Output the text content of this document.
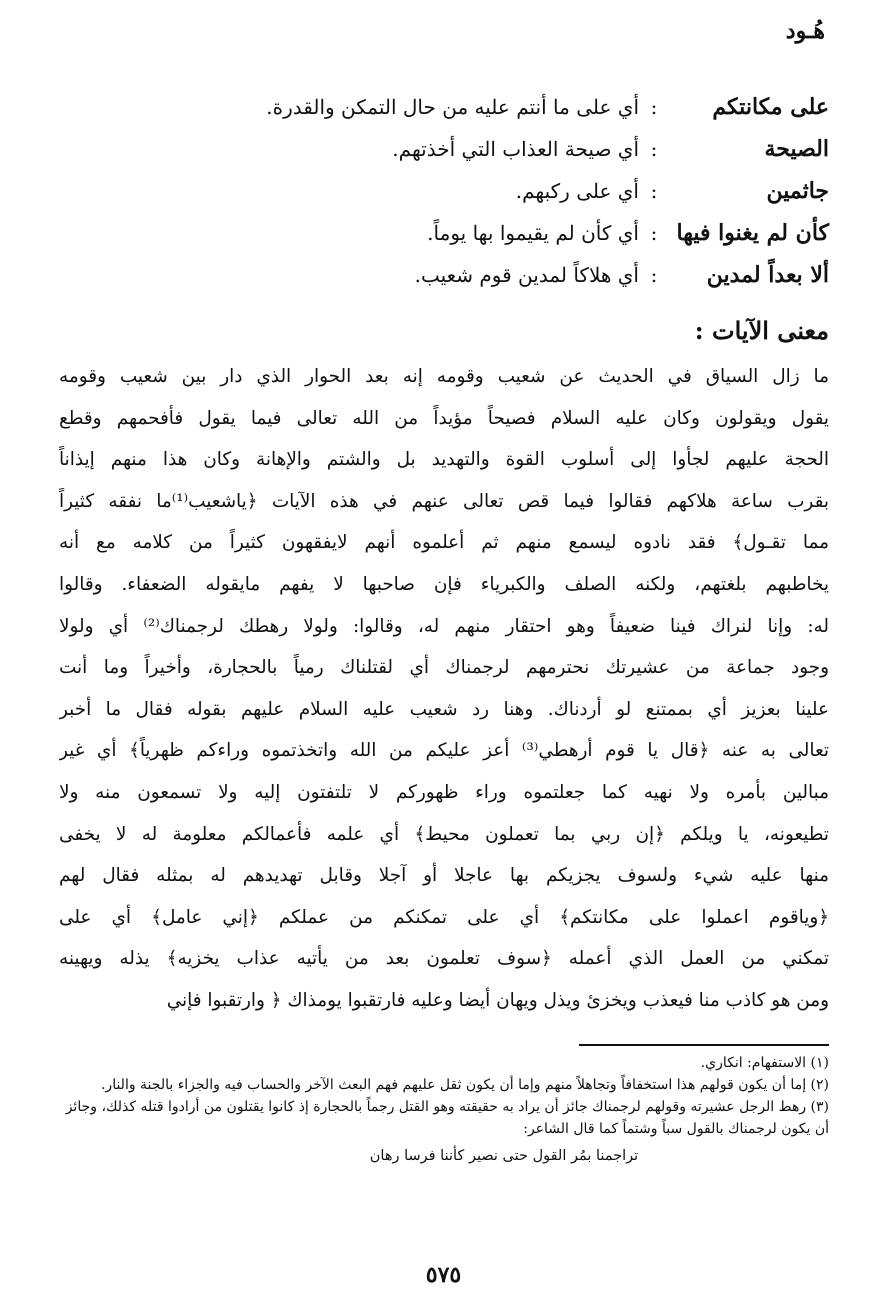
هُـود
على مكانتكم
:
أي على ما أنتم عليه من حال التمكن والقدرة.
الصيحة
:
أي صيحة العذاب التي أخذتهم.
جاثمين
:
أي على ركبهم.
كأن لم يغنوا فيها
:
أي كأن لم يقيموا بها يوماً.
ألا بعداً لمدين
:
أي هلاكاً لمدين قوم شعيب.
معنى الآيات :
ما زال السياق في الحديث عن شعيب وقومه إنه بعد الحوار الذي دار بين شعيب وقومه
يقول ويقولون وكان عليه السلام فصيحاً مؤيداً من الله تعالى فيما يقول فأفحمهم وقطع
الحجة عليهم لجأوا إلى أسلوب القوة والتهديد بل والشتم والإهانة وكان هذا منهم إيذاناً
بقرب ساعة هلاكهم فقالوا فيما قص تعالى عنهم في هذه الآيات ﴿ياشعيب⁽¹⁾ما نفقه كثيراً
مما تقـول﴾ فقد نادوه ليسمع منهم ثم أعلموه أنهم لايفقهون كثيراً من كلامه مع أنه
يخاطبهم بلغتهم، ولكنه الصلف والكبرياء فإن صاحبها لا يفهم مايقوله الضعفاء. وقالوا
له: وإنا لنراك فينا ضعيفاً وهو احتقار منهم له، وقالوا: ولولا رهطك لرجمناك⁽²⁾ أي ولولا
وجود جماعة من عشيرتك نحترمهم لرجمناك أي لقتلناك رمياً بالحجارة، وأخيراً وما أنت
علينا بعزيز أي بممتنع لو أردناك. وهنا رد شعيب عليه السلام عليهم بقوله فقال ما أخبر
تعالى به عنه ﴿قال يا قوم أرهطي⁽³⁾ أعز عليكم من الله واتخذتموه وراءكم ظهرياً﴾ أي غير
مبالين بأمره ولا نهيه كما جعلتموه وراء ظهوركم لا تلتفتون إليه ولا تسمعون منه ولا
تطيعونه، يا ويلكم ﴿إن ربي بما تعملون محيط﴾ أي علمه فأعمالكم معلومة له لا يخفى
منها عليه شيء ولسوف يجزيكم بها عاجلا أو آجلا وقابل تهديدهم له بمثله فقال لهم
﴿وياقوم اعملوا على مكانتكم﴾ أي على تمكنكم من عملكم ﴿إني عامل﴾ أي على
تمكني من العمل الذي أعمله ﴿سوف تعلمون بعد من يأتيه عذاب يخزيه﴾ يذله ويهينه
ومن هو كاذب منا فيعذب ويخزئ ويذل ويهان أيضا وعليه فارتقبوا يومذاك ﴿ وارتقبوا فإني
(١) الاستفهام: انكاري.
(٢) إما أن يكون قولهم هذا استخفافاً وتجاهلاً منهم وإما أن يكون ثقل عليهم فهم البعث الآخر والحساب فيه والجزاء بالجنة والنار.
(٣) رهط الرجل عشيرته وقولهم لرجمناك جائز أن يراد به حقيقته وهو القتل رجماً بالحجارة إذ كانوا يقتلون من أرادوا قتله كذلك، وجائز أن يكون لرجمناك بالقول سباً وشتماً كما قال الشاعر:
تراجمنا بمُر القول حتى نصير كأننا فرسا رهان
٥٧٥
